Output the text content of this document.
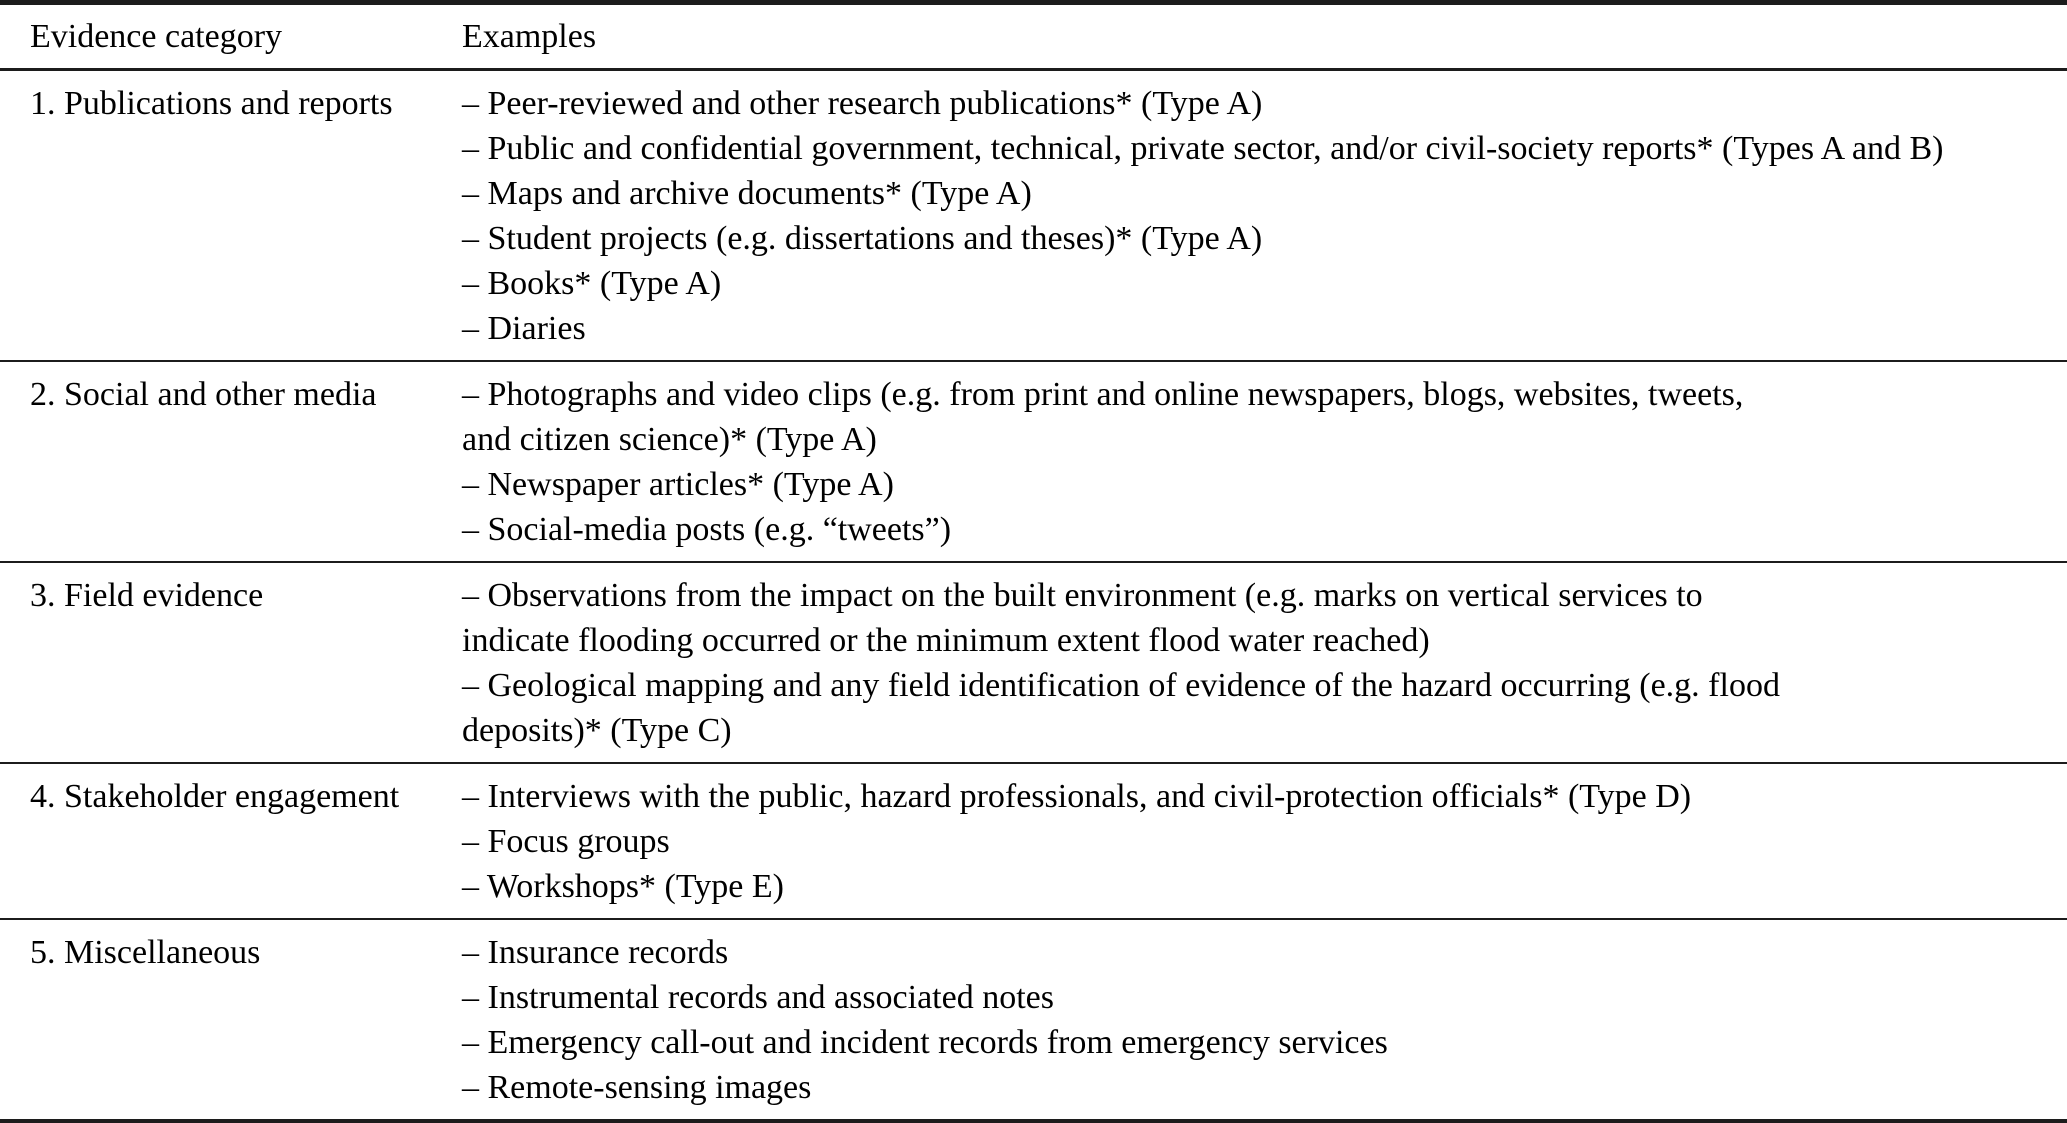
Evidence category	Examples
1. Publications and reports	– Peer-reviewed and other research publications* (Type A)
– Public and confidential government, technical, private sector, and/or civil-society reports* (Types A and B)
– Maps and archive documents* (Type A)
– Student projects (e.g. dissertations and theses)* (Type A)
– Books* (Type A)
– Diaries
2. Social and other media	– Photographs and video clips (e.g. from print and online newspapers, blogs, websites, tweets,
and citizen science)* (Type A)
– Newspaper articles* (Type A)
– Social-media posts (e.g. “tweets”)
3. Field evidence	– Observations from the impact on the built environment (e.g. marks on vertical services to
indicate flooding occurred or the minimum extent flood water reached)
– Geological mapping and any field identification of evidence of the hazard occurring (e.g. flood
deposits)* (Type C)
4. Stakeholder engagement	– Interviews with the public, hazard professionals, and civil-protection officials* (Type D)
– Focus groups
– Workshops* (Type E)
5. Miscellaneous	– Insurance records
– Instrumental records and associated notes
– Emergency call-out and incident records from emergency services
– Remote-sensing images
